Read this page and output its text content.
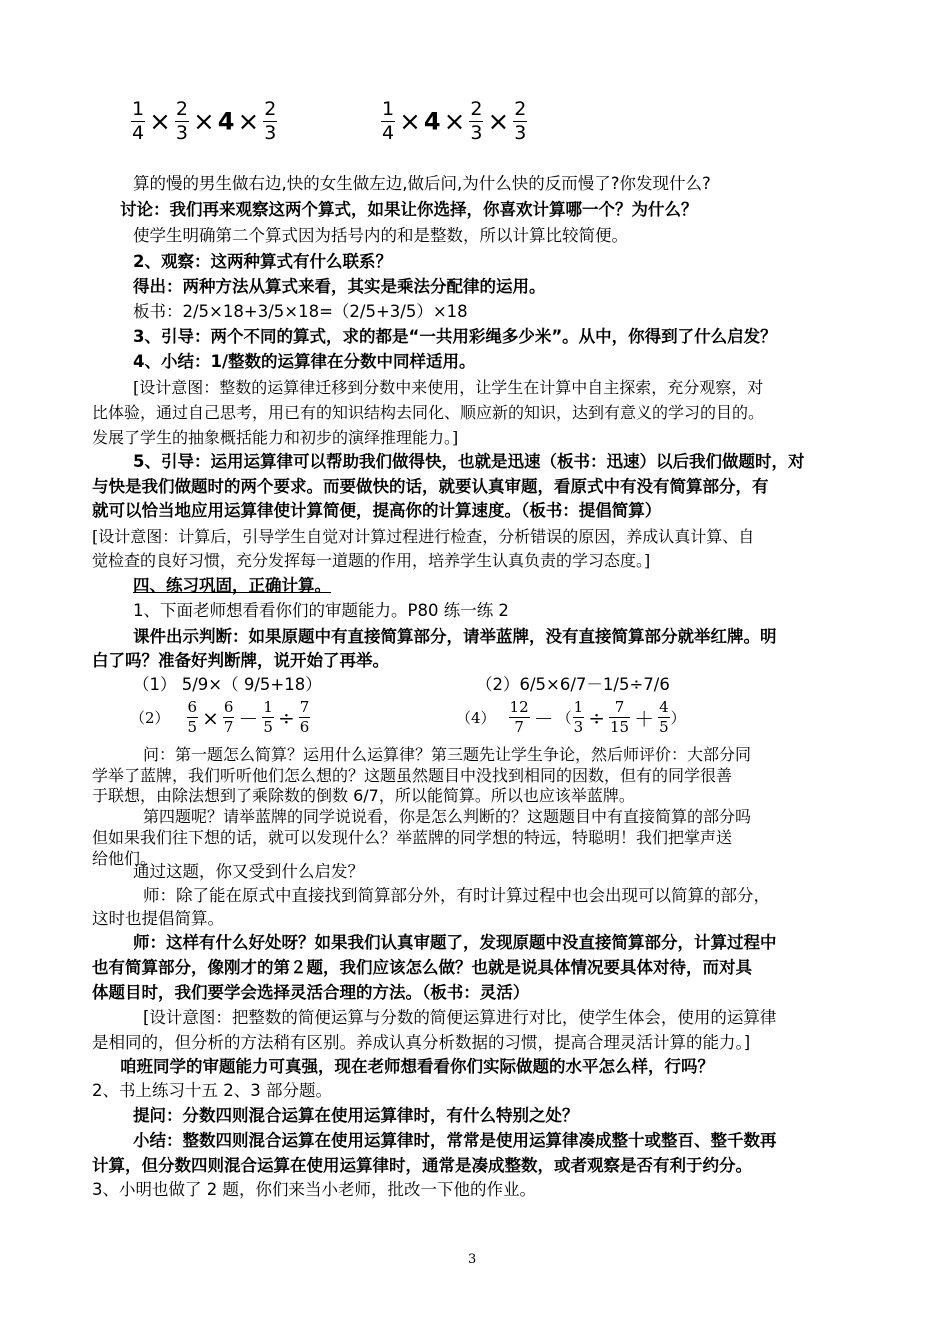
$\frac{1}{4} \times \frac{2}{3} \times 4 \times \frac{2}{3}$	$\frac{1}{4} \times 4 \times \frac{2}{3} \times \frac{2}{3}$
算的慢的男生做右边,快的女生做左边,做后问,为什么快的反而慢了?你发现什么?
讨论：我们再来观察这两个算式，如果让你选择，你喜欢计算哪一个？为什么？
使学生明确第二个算式因为括号内的和是整数，所以计算比较简便。
2、观察：这两种算式有什么联系？
得出：两种方法从算式来看，其实是乘法分配律的运用。
板书：2/5×18+3/5×18=（2/5+3/5）×18
3、引导：两个不同的算式，求的都是“一共用彩绳多少米”。从中，你得到了什么启发？
4、小结：1/整数的运算律在分数中同样适用。
[设计意图：整数的运算律迁移到分数中来使用，让学生在计算中自主探索，充分观察，对
比体验，通过自己思考，用已有的知识结构去同化、顺应新的知识，达到有意义的学习的目的。
发展了学生的抽象概括能力和初步的演绎推理能力。]
5、引导：运用运算律可以帮助我们做得快，也就是迅速（板书：迅速）以后我们做题时，对
与快是我们做题时的两个要求。而要做快的话，就要认真审题，看原式中有没有简算部分，有
就可以恰当地应用运算律使计算简便，提高你的计算速度。（板书：提倡简算）
[设计意图：计算后，引导学生自觉对计算过程进行检查，分析错误的原因，养成认真计算、自
觉检查的良好习惯，充分发挥每一道题的作用，培养学生认真负责的学习态度。]
四、练习巩固，正确计算。
1、下面老师想看看你们的审题能力。P80 练一练 2
课件出示判断：如果原题中有直接简算部分，请举蓝牌，没有直接简算部分就举红牌。明
白了吗？准备好判断牌，说开始了再举。
（1） 5/9×（ 9/5+18）	（2）6/5×6/7－1/5÷7/6
$(2) \frac{6}{5} \times \frac{6}{7} - \frac{1}{5} \div \frac{7}{6}$	$(4) \frac{12}{7}$ － （ $\frac{1}{3} \div \frac{7}{15} + \frac{4}{5}$ ）
问：第一题怎么简算？运用什么运算律？第三题先让学生争论，然后师评价：大部分同
学举了蓝牌，我们听听他们怎么想的？这题虽然题目中没找到相同的因数，但有的同学很善
于联想，由除法想到了乘除数的倒数 6/7，所以能简算。所以也应该举蓝牌。
第四题呢？请举蓝牌的同学说说看，你是怎么判断的？这题题目中有直接简算的部分吗
但如果我们往下想的话，就可以发现什么？举蓝牌的同学想的特远，特聪明！我们把掌声送
给他们。
通过这题，你又受到什么启发？
师：除了能在原式中直接找到简算部分外，有时计算过程中也会出现可以简算的部分，
这时也提倡简算。
师：这样有什么好处呀？如果我们认真审题了，发现原题中没直接简算部分，计算过程中
也有简算部分，像刚才的第２题，我们应该怎么做？也就是说具体情况要具体对待，而对具
体题目时，我们要学会选择灵活合理的方法。（板书：灵活）
[设计意图：把整数的简便运算与分数的简便运算进行对比，使学生体会，使用的运算律
是相同的，但分析的方法稍有区别。养成认真分析数据的习惯，提高合理灵活计算的能力。]
咱班同学的审题能力可真强，现在老师想看看你们实际做题的水平怎么样，行吗？
2、书上练习十五 2、3 部分题。
提问：分数四则混合运算在使用运算律时，有什么特别之处？
小结：整数四则混合运算在使用运算律时，常常是使用运算律凑成整十或整百、整千数再
计算，但分数四则混合运算在使用运算律时，通常是凑成整数，或者观察是否有利于约分。
3、小明也做了 2 题，你们来当小老师，批改一下他的作业。
3
